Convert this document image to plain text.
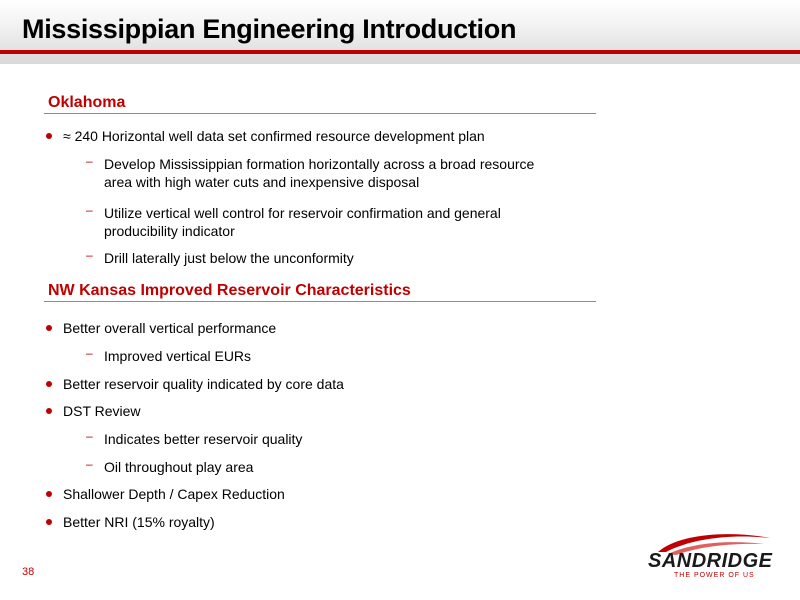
Mississippian Engineering Introduction
Oklahoma
≈ 240 Horizontal well data set confirmed resource development plan
– Develop Mississippian formation horizontally across a broad resource area with high water cuts and inexpensive disposal
– Utilize vertical well control for reservoir confirmation and general producibility indicator
– Drill laterally just below the unconformity
NW Kansas Improved Reservoir Characteristics
Better overall vertical performance
– Improved vertical EURs
Better reservoir quality indicated by core data
DST Review
– Indicates better reservoir quality
– Oil throughout play area
Shallower Depth / Capex Reduction
Better NRI (15% royalty)
38	SANDRIDGE
THE POWER OF US
